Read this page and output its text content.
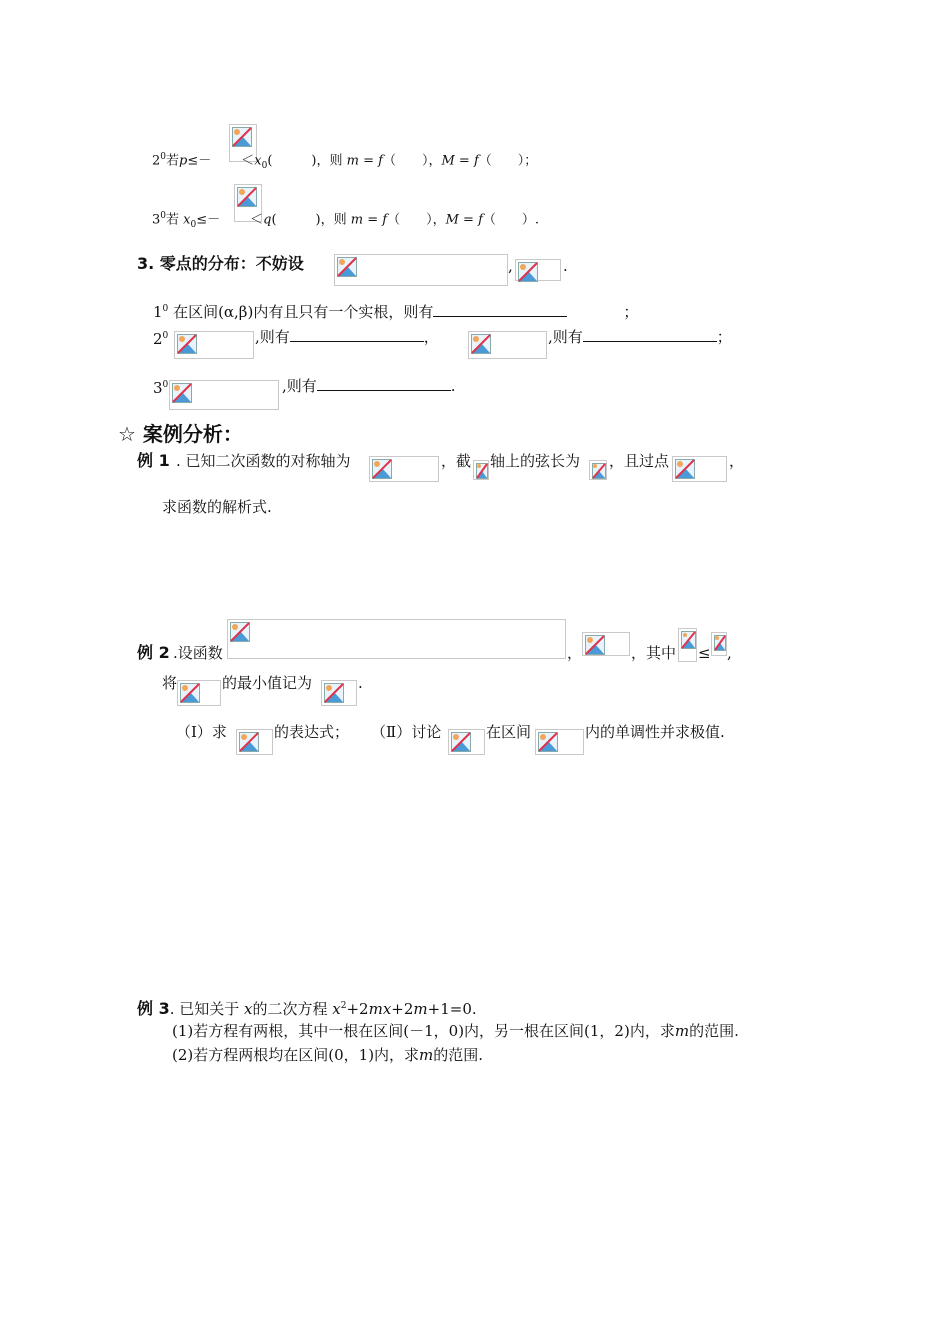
$2^0$若$p\le- <x_0$(　　　)，则 m = f（　　），M = f（　　）；
$3^0$若 $x_0\le- <q$(　　　)，则 m = f（　　），M = f（　　）.
3. 零点的分布：不妨设	,	.
$1^0$ 在区间(α,β)内有且只有一个实根，则有	；
$2^0$	,则有	，	,则有	；
$3^0$	,则有	.
☆ 案例分析：
例 1 . 已知二次函数的对称轴为	，截 轴上的弦长为 ，且过点	，
求函数的解析式.
例 2 .设函数	，	，其中 ≤ ,
将	的最小值记为	.
（Ⅰ）求	的表达式； （Ⅱ）讨论	在区间	内的单调性并求极值.
例 3. 已知关于 x的二次方程 $x^2+2mx+2m+1=0$.
(1)若方程有两根，其中一根在区间(－1，0)内，另一根在区间(1，2)内，求m的范围.
(2)若方程两根均在区间(0，1)内，求m的范围.
